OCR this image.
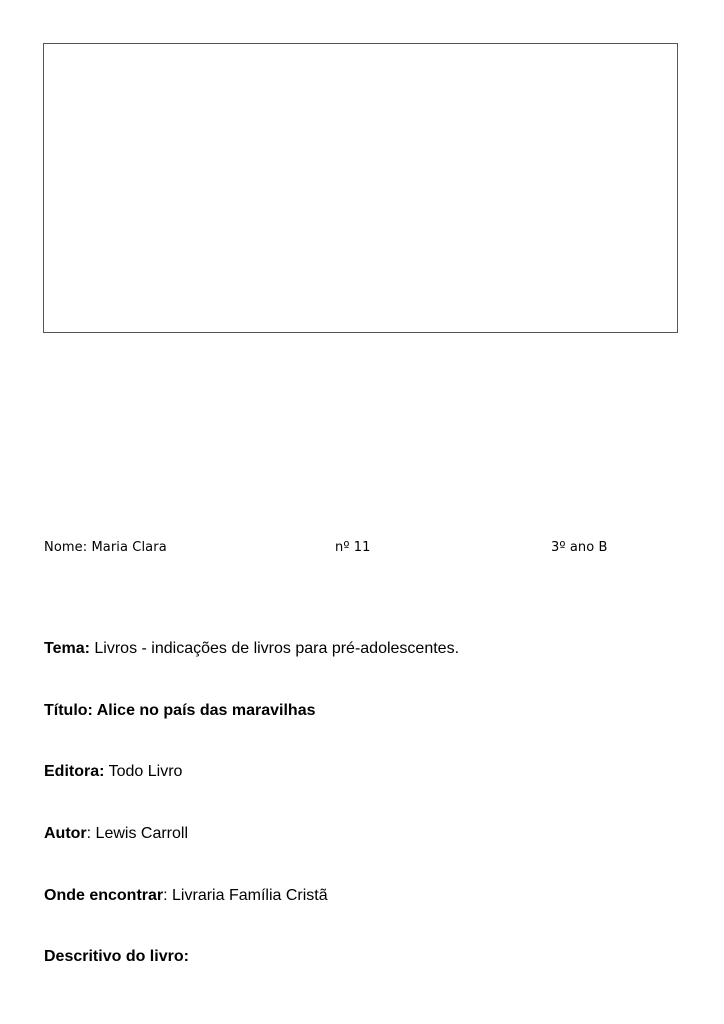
Nome: Maria Clara	nº 11	3º ano B
Tema: Livros - indicações de livros para pré-adolescentes.
Título: Alice no país das maravilhas
Editora: Todo Livro
Autor: Lewis Carroll
Onde encontrar: Livraria Família Cristã
Descritivo do livro:
